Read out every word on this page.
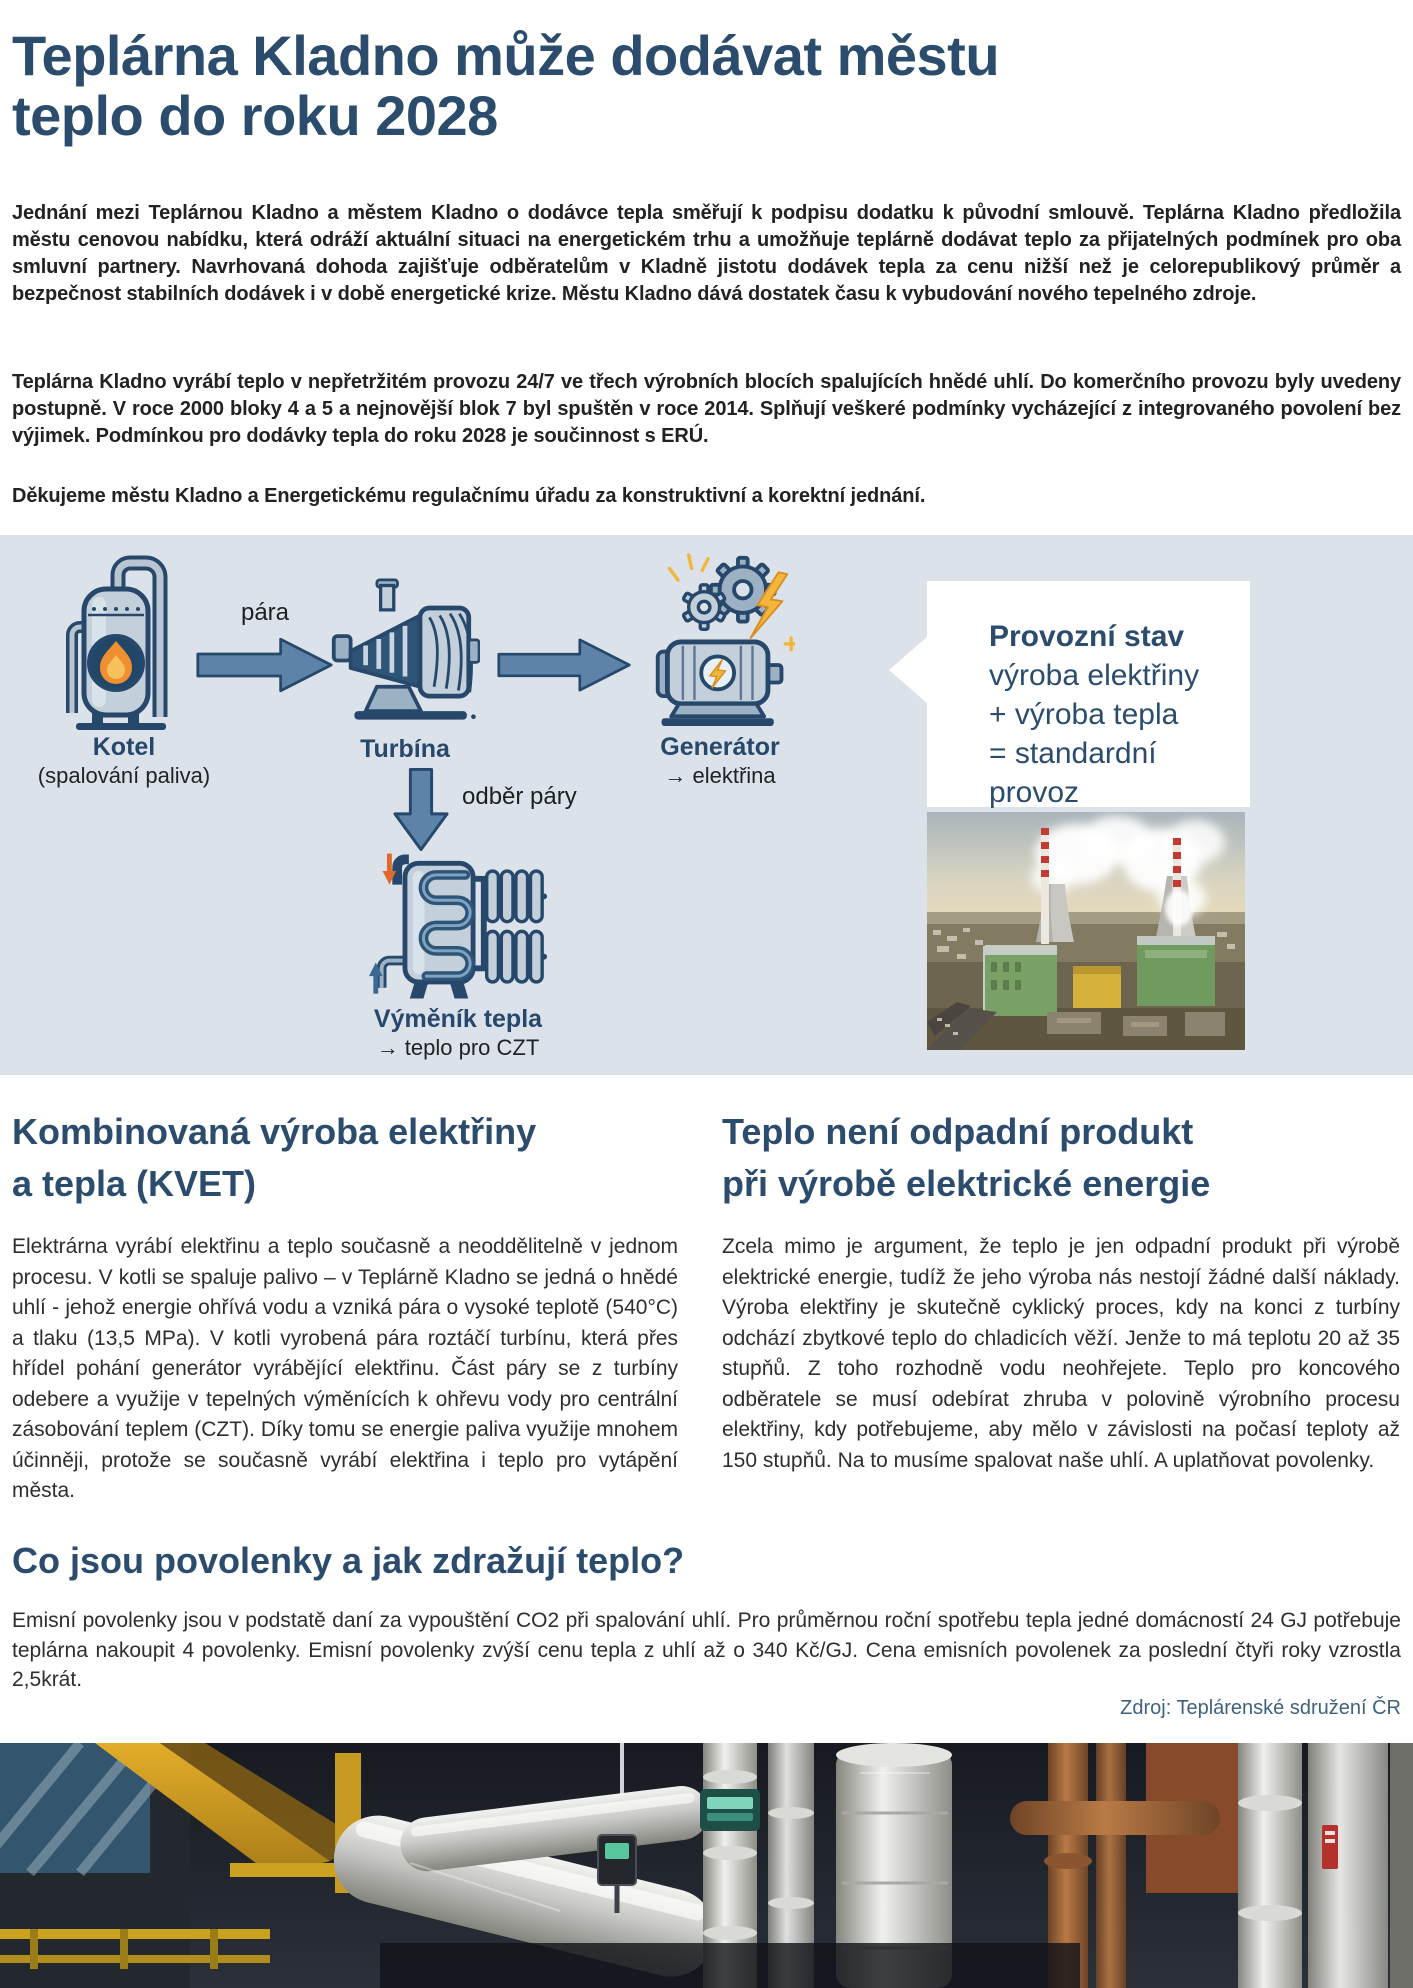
Teplárna Kladno může dodávat městu
teplo do roku 2028

Jednání mezi Teplárnou Kladno a městem Kladno o dodávce tepla směřují k podpisu dodatku k původní smlouvě. Teplárna Kladno předložila městu cenovou nabídku, která odráží aktuální situaci na energetickém trhu a umožňuje teplárně dodávat teplo za přijatelných podmínek pro oba smluvní partnery. Navrhovaná dohoda zajišťuje odběratelům v Kladně jistotu dodávek tepla za cenu nižší než je celorepublikový průměr a bezpečnost stabilních dodávek i v době energetické krize. Městu Kladno dává dostatek času k vybudování nového tepelného zdroje.

Teplárna Kladno vyrábí teplo v nepřetržitém provozu 24/7 ve třech výrobních blocích spalujících hnědé uhlí. Do komerčního provozu byly uvedeny postupně. V roce 2000 bloky 4 a 5 a nejnovější blok 7 byl spuštěn v roce 2014. Splňují veškeré podmínky vycházející z integrovaného povolení bez výjimek. Podmínkou pro dodávky tepla do roku 2028 je součinnost s ERÚ.

Děkujeme městu Kladno a Energetickému regulačnímu úřadu za konstruktivní a korektní jednání.

Kotel
(spalování paliva)
pára
Turbína	Generátor
→ elektřina
odběr páry
Výměník tepla
→ teplo pro CZT
Provozní stav
výroba elektřiny
+ výroba tepla
= standardní provoz
Kombinovaná výroba elektřiny
a tepla (KVET)

Elektrárna vyrábí elektřinu a teplo současně a neoddělitelně v jednom procesu. V kotli se spaluje palivo – v Teplárně Kladno se jedná o hnědé uhlí - jehož energie ohřívá vodu a vzniká pára o vysoké teplotě (540°C) a tlaku (13,5 MPa). V kotli vyrobená pára roztáčí turbínu, která přes hřídel pohání generátor vyrábějící elektřinu. Část páry se z turbíny odebere a využije v tepelných výměnících k ohřevu vody pro centrální zásobování teplem (CZT). Díky tomu se energie paliva využije mnohem účinněji, protože se současně vyrábí elektřina i teplo pro vytápění města.

Teplo není odpadní produkt
při výrobě elektrické energie

Zcela mimo je argument, že teplo je jen odpadní produkt při výrobě elektrické energie, tudíž že jeho výroba nás nestojí žádné další náklady. Výroba elektřiny je skutečně cyklický proces, kdy na konci z turbíny odchází zbytkové teplo do chladicích věží. Jenže to má teplotu 20 až 35 stupňů. Z toho rozhodně vodu neohřejete. Teplo pro koncového odběratele se musí odebírat zhruba v polovině výrobního procesu elektřiny, kdy potřebujeme, aby mělo v závislosti na počasí teploty až 150 stupňů. Na to musíme spalovat naše uhlí. A uplatňovat povolenky.

Co jsou povolenky a jak zdražují teplo?

Emisní povolenky jsou v podstatě daní za vypouštění CO2 při spalování uhlí. Pro průměrnou roční spotřebu tepla jedné domácností 24 GJ potřebuje teplárna nakoupit 4 povolenky. Emisní povolenky zvýší cenu tepla z uhlí až o 340 Kč/GJ. Cena emisních povolenek za poslední čtyři roky vzrostla 2,5krát.

Zdroj: Teplárenské sdružení ČR
